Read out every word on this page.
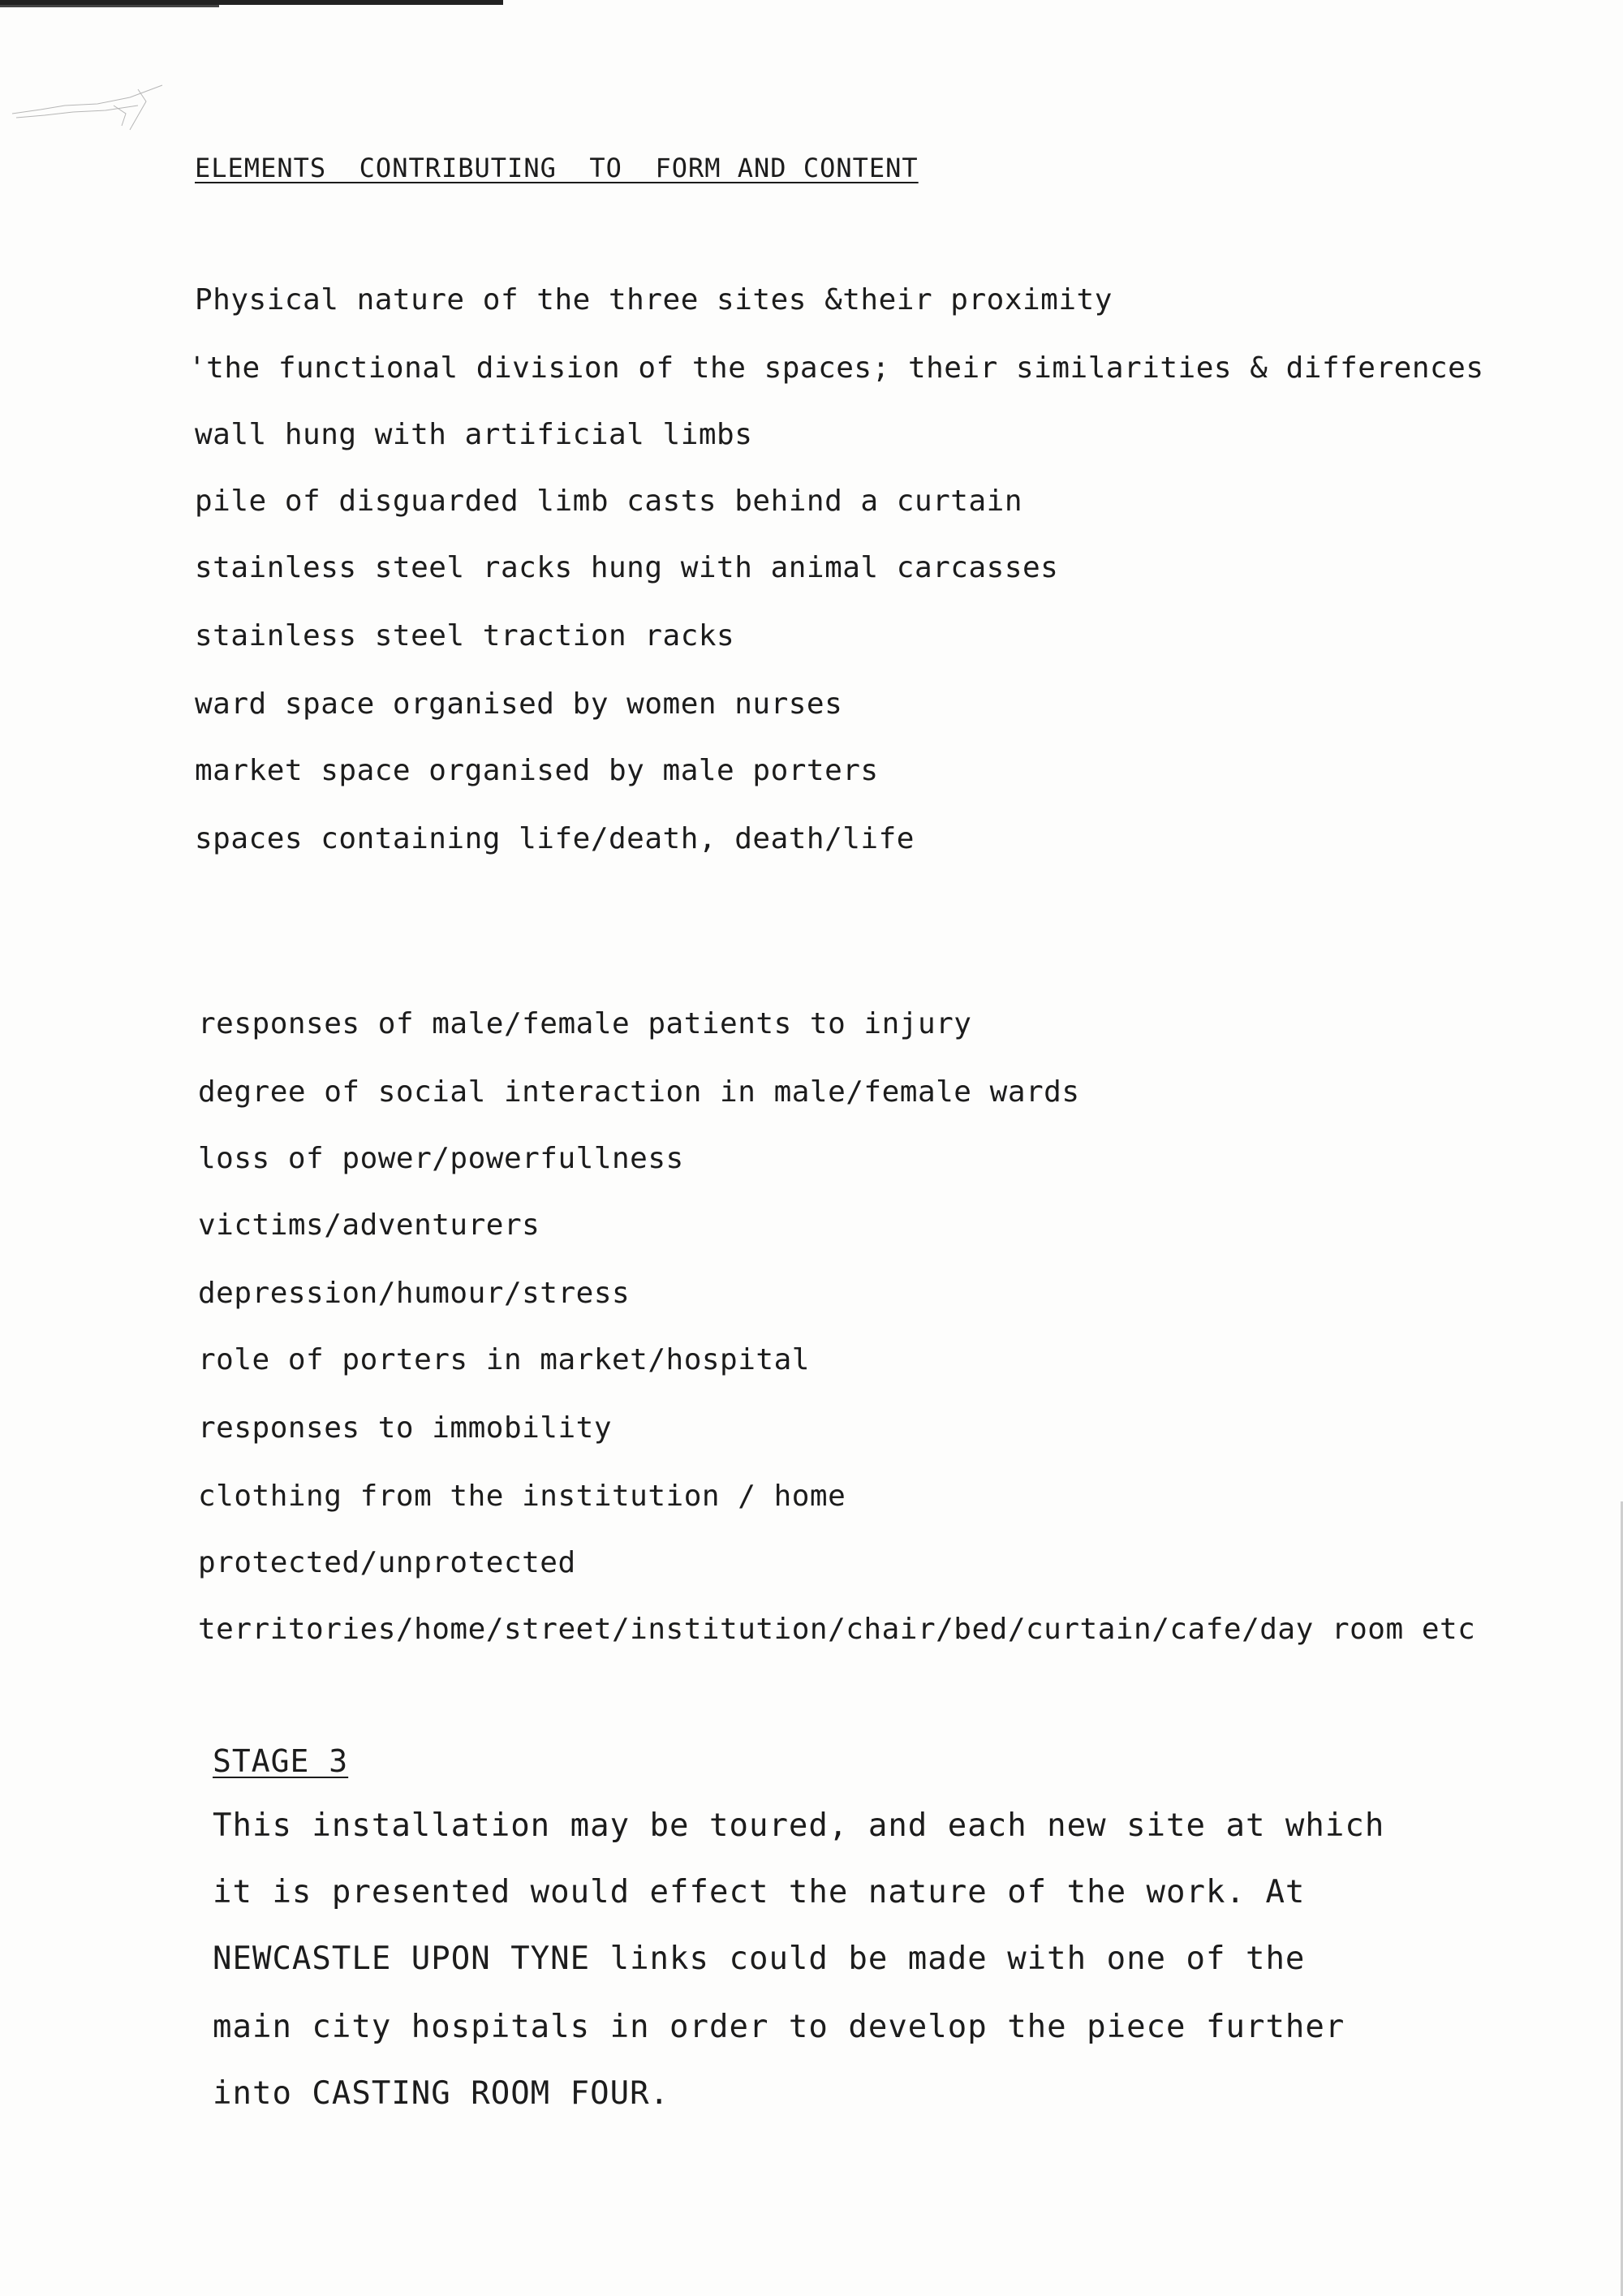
ELEMENTS  CONTRIBUTING  TO  FORM AND CONTENT
Physical nature of the three sites &their proximity
'the functional division of the spaces; their similarities & differences
wall hung with artificial limbs
pile of disguarded limb casts behind a curtain
stainless steel racks hung with animal carcasses
stainless steel traction racks
ward space organised by women nurses
market space organised by male porters
spaces containing life/death, death/life
responses of male/female patients to injury
degree of social interaction in male/female wards
loss of power/powerfullness
victims/adventurers
depression/humour/stress
role of porters in market/hospital
responses to immobility
clothing from the institution / home
protected/unprotected
territories/home/street/institution/chair/bed/curtain/cafe/day room etc
STAGE 3
This installation may be toured, and each new site at which
it is presented would effect the nature of the work. At
NEWCASTLE UPON TYNE links could be made with one of the
main city hospitals in order to develop the piece further
into CASTING ROOM FOUR.
